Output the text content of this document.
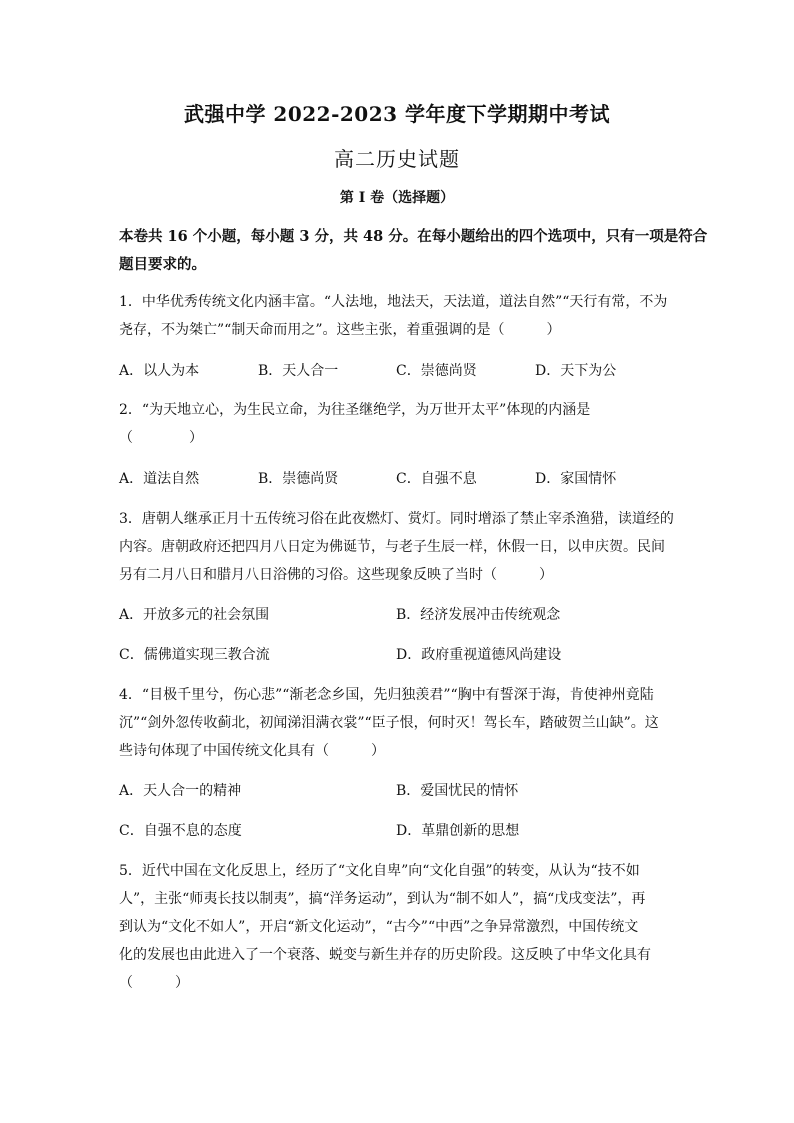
武强中学 2022-2023 学年度下学期期中考试
高二历史试题
第 I 卷（选择题）
本卷共 16 个小题，每小题 3 分，共 48 分。在每小题给出的四个选项中，只有一项是符合
题目要求的。
1．中华优秀传统文化内涵丰富。“人法地，地法天，天法道，道法自然”“天行有常，不为
尧存，不为桀亡”“制天命而用之”。这些主张，着重强调的是（　　　）
A．以人为本	B．天人合一	C．崇德尚贤	D．天下为公
2．“为天地立心，为生民立命，为往圣继绝学，为万世开太平”体现的内涵是
（　　　　）
A．道法自然	B．崇德尚贤	C．自强不息	D．家国情怀
3．唐朝人继承正月十五传统习俗在此夜燃灯、赏灯。同时增添了禁止宰杀渔猎，读道经的
内容。唐朝政府还把四月八日定为佛诞节，与老子生辰一样，休假一日，以申庆贺。民间
另有二月八日和腊月八日浴佛的习俗。这些现象反映了当时（　　　）
A．开放多元的社会氛围	B．经济发展冲击传统观念
C．儒佛道实现三教合流	D．政府重视道德风尚建设
4．“目极千里兮，伤心悲”“渐老念乡国，先归独羡君”“胸中有誓深于海，肯使神州竟陆
沉”“剑外忽传收蓟北，初闻涕泪满衣裳”“臣子恨，何时灭！驾长车，踏破贺兰山缺”。这
些诗句体现了中国传统文化具有（　　　）
A．天人合一的精神	B．爱国忧民的情怀
C．自强不息的态度	D．革鼎创新的思想
5．近代中国在文化反思上，经历了“文化自卑”向“文化自强”的转变，从认为“技不如
人”，主张“师夷长技以制夷”，搞“洋务运动”，到认为“制不如人”，搞“戊戌变法”，再
到认为“文化不如人”，开启“新文化运动”，“古今”“中西”之争异常激烈，中国传统文
化的发展也由此进入了一个衰落、蜕变与新生并存的历史阶段。这反映了中华文化具有
（　　　）
